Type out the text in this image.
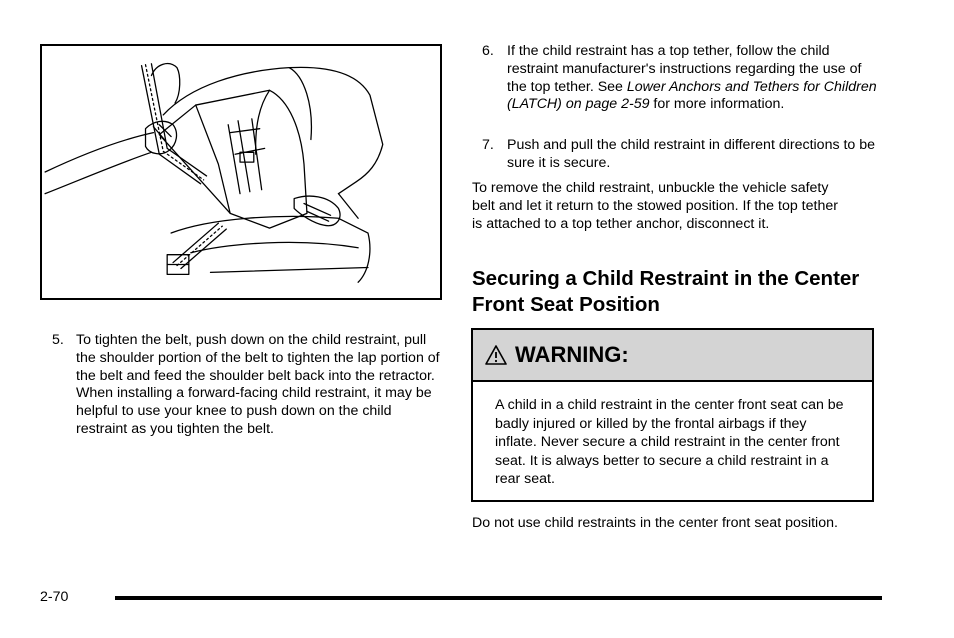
5. To tighten the belt, push down on the child restraint, pull the shoulder portion of the belt to tighten the lap portion of the belt and feed the shoulder belt back into the retractor. When installing a forward-facing child restraint, it may be helpful to use your knee to push down on the child restraint as you tighten the belt.
6. If the child restraint has a top tether, follow the child restraint manufacturer's instructions regarding the use of the top tether. See Lower Anchors and Tethers for Children (LATCH) on page 2-59 for more information.
7. Push and pull the child restraint in different directions to be sure it is secure.
To remove the child restraint, unbuckle the vehicle safety belt and let it return to the stowed position. If the top tether is attached to a top tether anchor, disconnect it.
Securing a Child Restraint in the Center Front Seat Position
WARNING:
A child in a child restraint in the center front seat can be badly injured or killed by the frontal airbags if they inflate. Never secure a child restraint in the center front seat. It is always better to secure a child restraint in a rear seat.
Do not use child restraints in the center front seat position.
2-70
